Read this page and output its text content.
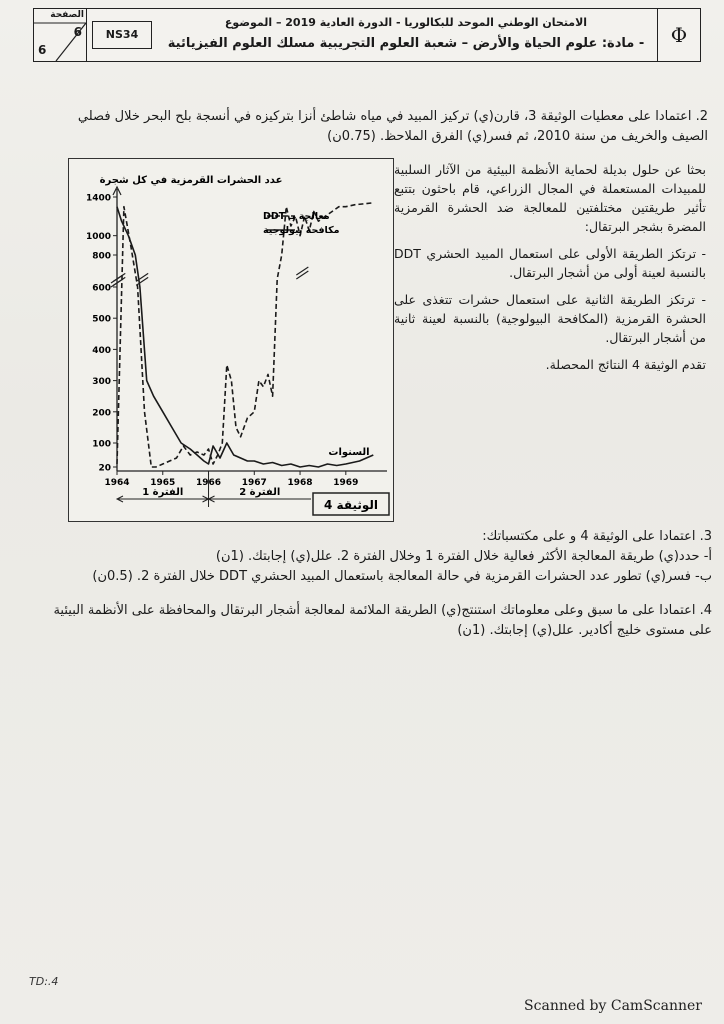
الصفحة
6
6
NS34
الامتحان الوطني الموحد للبكالوريا - الدورة العادية 2019 – الموضوع
- مادة: علوم الحياة والأرض – شعبة العلوم التجريبية مسلك العلوم الفيزيائية	Φ
2. اعتمادا على معطيات الوثيقة 3، قارن(ي) تركيز المبيد في مياه شاطئ أنزا بتركيزه في أنسجة بلح البحر خلال فصلي الصيف والخريف من سنة 2010، ثم فسر(ي) الفرق الملاحظ. (0.75ن)

بحثا عن حلول بديلة لحماية الأنظمة البيئية من الآثار السلبية للمبيدات المستعملة في المجال الزراعي، قام باحثون بتتبع تأثير طريقتين مختلفتين للمعالجة ضد الحشرة القرمزية المضرة بشجر البرتقال:

- ترتكز الطريقة الأولى على استعمال المبيد الحشري DDT بالنسبة لعينة أولى من أشجار البرتقال.

- ترتكز الطريقة الثانية على استعمال حشرات تتغذى على الحشرة القرمزية (المكافحة البيولوجية) بالنسبة لعينة ثانية من أشجار البرتقال.

تقدم الوثيقة 4 النتائج المحصلة.

20
100
200
300
400
500
600
800
1000
1400
1964 1965 1966 1967 1968 1969
معالجة بـ DDT
مكافحة بيولوجية
الفترة 1	الفترة 2
عدد الحشرات القرمزية في كل شجرة
السنوات
الوثيقة 4

3. اعتمادا على الوثيقة 4 و على مكتسباتك:

أ- حدد(ي) طريقة المعالجة الأكثر فعالية خلال الفترة 1 وخلال الفترة 2. علل(ي) إجابتك. (1ن)

ب- فسر(ي) تطور عدد الحشرات القرمزية في حالة المعالجة باستعمال المبيد الحشري DDT خلال الفترة 2. (0.5ن)

4. اعتمادا على ما سبق وعلى معلوماتك استنتج(ي) الطريقة الملائمة لمعالجة أشجار البرتقال والمحافظة على الأنظمة البيئية على مستوى خليج أكادير. علل(ي) إجابتك. (1ن)
TD:.4
Scanned by CamScanner
